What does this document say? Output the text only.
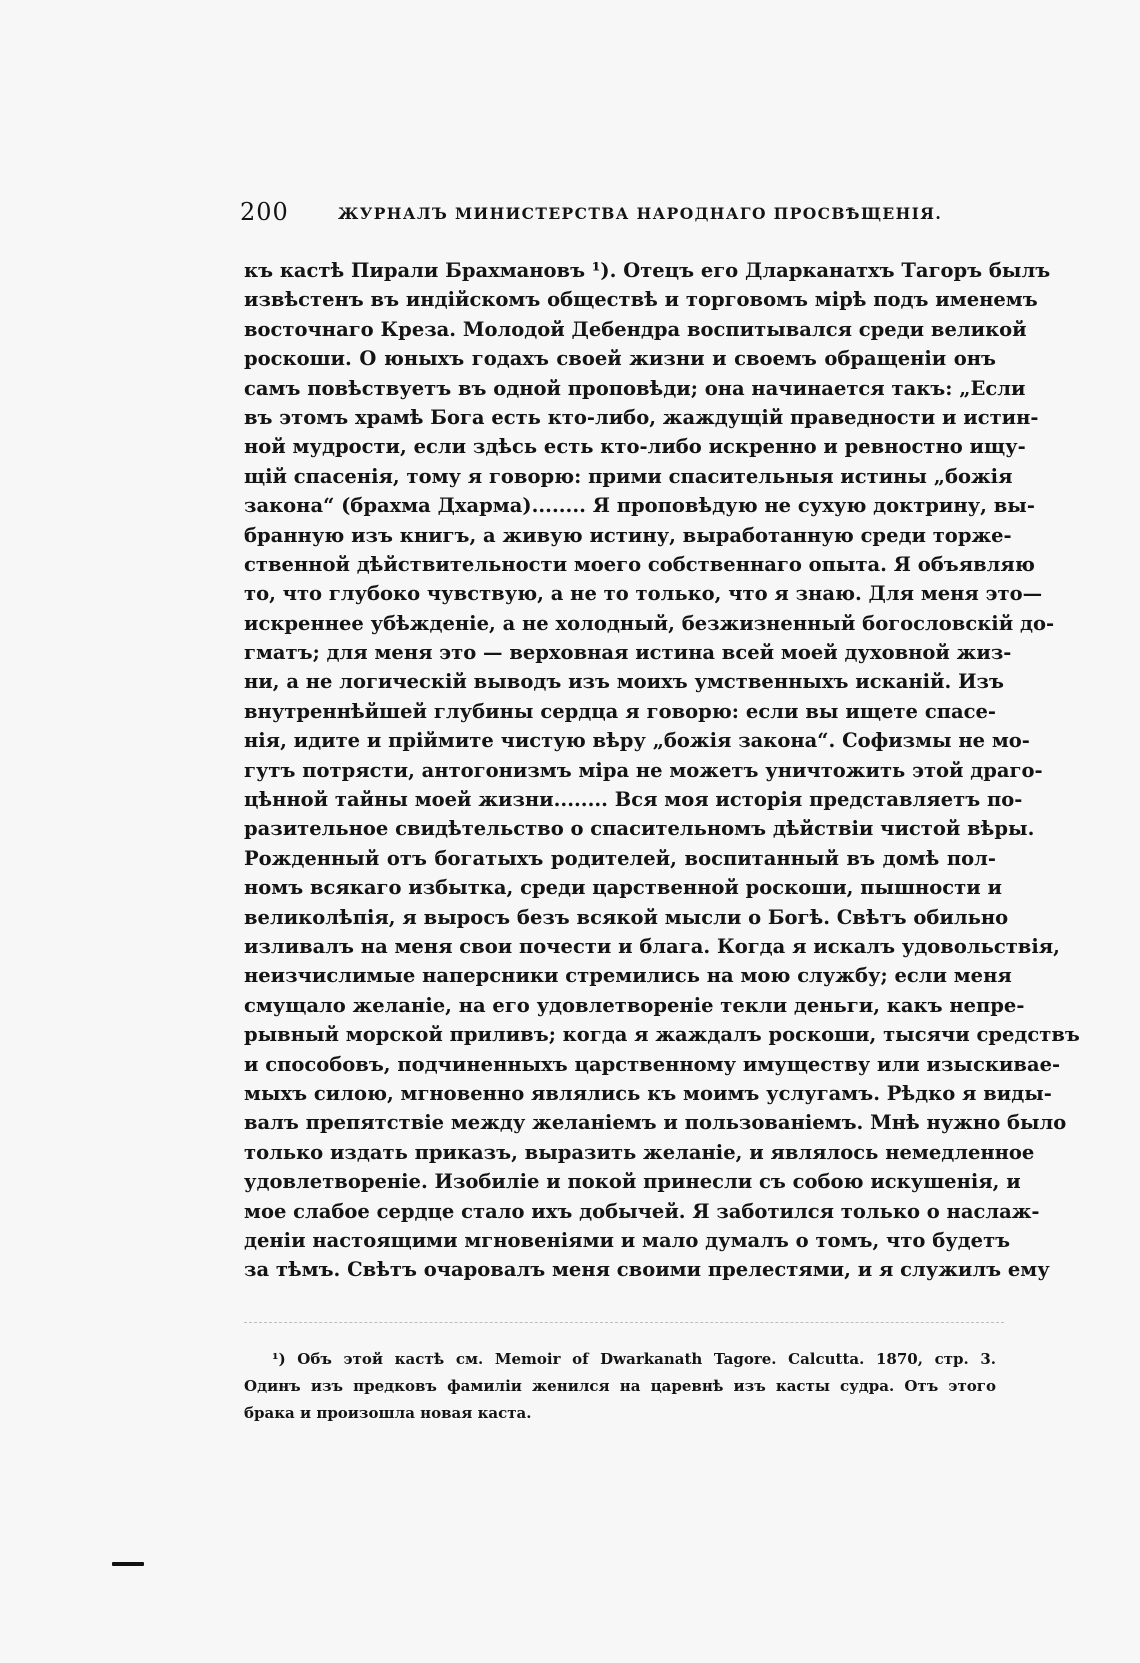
200	ЖУРНАЛЪ МИНИСТЕРСТВА НАРОДНАГО ПРОСВѢЩЕНІЯ.
къ кастѣ Пирали Брахмановъ ¹). Отецъ его Дларканатхъ Тагоръ былъ
извѣстенъ въ индійскомъ обществѣ и торговомъ мірѣ подъ именемъ
восточнаго Креза. Молодой Дебендра воспитывался среди великой
роскоши. О юныхъ годахъ своей жизни и своемъ обращеніи онъ
самъ повѣствуетъ въ одной проповѣди; она начинается такъ: „Если
въ этомъ храмѣ Бога есть кто-либо, жаждущій праведности и истин-
ной мудрости, если здѣсь есть кто-либо искренно и ревностно ищу-
щій спасенія, тому я говорю: прими спасительныя истины „божія
закона“ (брахма Дхарма)........ Я проповѣдую не сухую доктрину, вы-
бранную изъ книгъ, а живую истину, выработанную среди торже-
ственной дѣйствительности моего собственнаго опыта. Я объявляю
то, что глубоко чувствую, а не то только, что я знаю. Для меня это—
искреннее убѣжденіе, а не холодный, безжизненный богословскій до-
гматъ; для меня это — верховная истина всей моей духовной жиз-
ни, а не логическій выводъ изъ моихъ умственныхъ исканій. Изъ
внутреннѣйшей глубины сердца я говорю: если вы ищете спасе-
нія, идите и пріймите чистую вѣру „божія закона“. Софизмы не мо-
гутъ потрясти, антогонизмъ міра не можетъ уничтожить этой драго-
цѣнной тайны моей жизни........ Вся моя исторія представляетъ по-
разительное свидѣтельство о спасительномъ дѣйствіи чистой вѣры.
Рожденный отъ богатыхъ родителей, воспитанный въ домѣ пол-
номъ всякаго избытка, среди царственной роскоши, пышности и
великолѣпія, я выросъ безъ всякой мысли о Богѣ. Свѣтъ обильно
изливалъ на меня свои почести и блага. Когда я искалъ удовольствія,
неизчислимые наперсники стремились на мою службу; если меня
смущало желаніе, на его удовлетвореніе текли деньги, какъ непре-
рывный морской приливъ; когда я жаждалъ роскоши, тысячи средствъ
и способовъ, подчиненныхъ царственному имуществу или изыскивае-
мыхъ силою, мгновенно являлись къ моимъ услугамъ. Рѣдко я виды-
валъ препятствіе между желаніемъ и пользованіемъ. Мнѣ нужно было
только издать приказъ, выразить желаніе, и являлось немедленное
удовлетвореніе. Изобиліе и покой принесли съ собою искушенія, и
мое слабое сердце стало ихъ добычей. Я заботился только о наслаж-
деніи настоящими мгновеніями и мало думалъ о томъ, что будетъ
за тѣмъ. Свѣтъ очаровалъ меня своими прелестями, и я служилъ ему
¹) Объ этой кастѣ см. Memoir of Dwarkanath Tagore. Calcutta. 1870, стр. 3.
Одинъ изъ предковъ фамиліи женился на царевнѣ изъ касты судра. Отъ этого
брака и произошла новая каста.
